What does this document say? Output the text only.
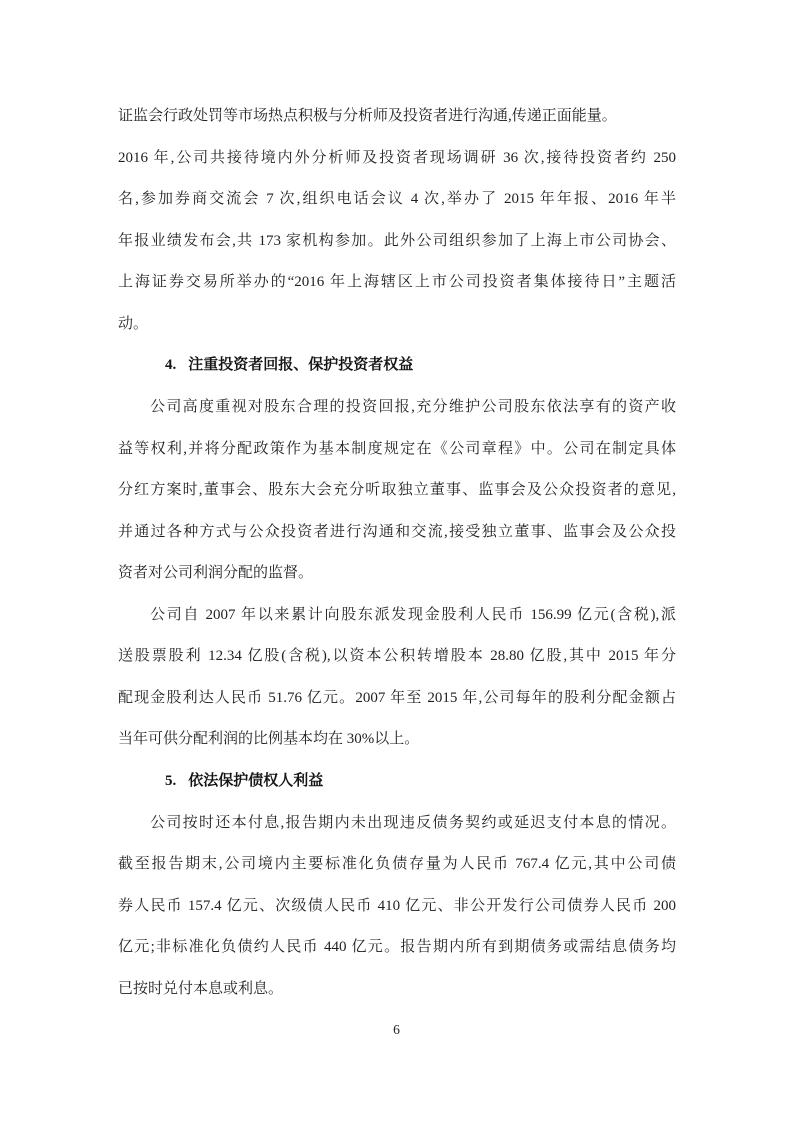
证监会行政处罚等市场热点积极与分析师及投资者进行沟通,传递正面能量。
2016 年,公司共接待境内外分析师及投资者现场调研 36 次,接待投资者约 250
名,参加券商交流会 7 次,组织电话会议 4 次,举办了 2015 年年报、2016 年半
年报业绩发布会,共 173 家机构参加。此外公司组织参加了上海上市公司协会、
上海证券交易所举办的“2016 年上海辖区上市公司投资者集体接待日”主题活
动。
4. 注重投资者回报、保护投资者权益
公司高度重视对股东合理的投资回报,充分维护公司股东依法享有的资产收
益等权利,并将分配政策作为基本制度规定在《公司章程》中。公司在制定具体
分红方案时,董事会、股东大会充分听取独立董事、监事会及公众投资者的意见,
并通过各种方式与公众投资者进行沟通和交流,接受独立董事、监事会及公众投
资者对公司利润分配的监督。
公司自 2007 年以来累计向股东派发现金股利人民币 156.99 亿元(含税),派
送股票股利 12.34 亿股(含税),以资本公积转增股本 28.80 亿股,其中 2015 年分
配现金股利达人民币 51.76 亿元。2007 年至 2015 年,公司每年的股利分配金额占
当年可供分配利润的比例基本均在 30%以上。
5. 依法保护债权人利益
公司按时还本付息,报告期内未出现违反债务契约或延迟支付本息的情况。
截至报告期末,公司境内主要标准化负债存量为人民币 767.4 亿元,其中公司债
券人民币 157.4 亿元、次级债人民币 410 亿元、非公开发行公司债券人民币 200
亿元;非标准化负债约人民币 440 亿元。报告期内所有到期债务或需结息债务均
已按时兑付本息或利息。
6
